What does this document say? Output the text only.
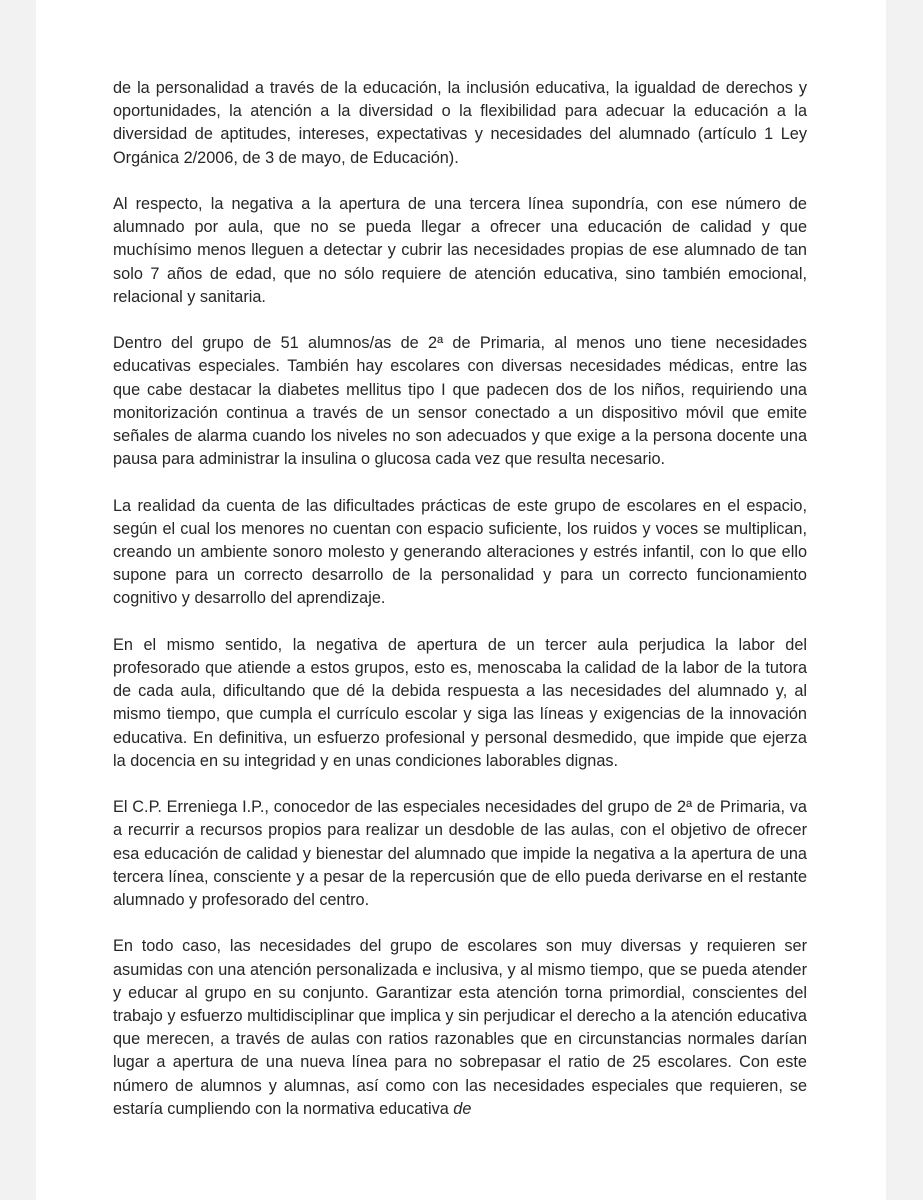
de la personalidad a través de la educación, la inclusión educativa, la igualdad de derechos y oportunidades, la atención a la diversidad o la flexibilidad para adecuar la educación a la diversidad de aptitudes, intereses, expectativas y necesidades del alumnado (artículo 1 Ley Orgánica 2/2006, de 3 de mayo, de Educación).

Al respecto, la negativa a la apertura de una tercera línea supondría, con ese número de alumnado por aula, que no se pueda llegar a ofrecer una educación de calidad y que muchísimo menos lleguen a detectar y cubrir las necesidades propias de ese alumnado de tan solo 7 años de edad, que no sólo requiere de atención educativa, sino también emocional, relacional y sanitaria.

Dentro del grupo de 51 alumnos/as de 2ª de Primaria, al menos uno tiene necesidades educativas especiales. También hay escolares con diversas necesidades médicas, entre las que cabe destacar la diabetes mellitus tipo I que padecen dos de los niños, requiriendo una monitorización continua a través de un sensor conectado a un dispositivo móvil que emite señales de alarma cuando los niveles no son adecuados y que exige a la persona docente una pausa para administrar la insulina o glucosa cada vez que resulta necesario.

La realidad da cuenta de las dificultades prácticas de este grupo de escolares en el espacio, según el cual los menores no cuentan con espacio suficiente, los ruidos y voces se multiplican, creando un ambiente sonoro molesto y generando alteraciones y estrés infantil, con lo que ello supone para un correcto desarrollo de la personalidad y para un correcto funcionamiento cognitivo y desarrollo del aprendizaje.

En el mismo sentido, la negativa de apertura de un tercer aula perjudica la labor del profesorado que atiende a estos grupos, esto es, menoscaba la calidad de la labor de la tutora de cada aula, dificultando que dé la debida respuesta a las necesidades del alumnado y, al mismo tiempo, que cumpla el currículo escolar y siga las líneas y exigencias de la innovación educativa. En definitiva, un esfuerzo profesional y personal desmedido, que impide que ejerza la docencia en su integridad y en unas condiciones laborables dignas.

El C.P. Erreniega I.P., conocedor de las especiales necesidades del grupo de 2ª de Primaria, va a recurrir a recursos propios para realizar un desdoble de las aulas, con el objetivo de ofrecer esa educación de calidad y bienestar del alumnado que impide la negativa a la apertura de una tercera línea, consciente y a pesar de la repercusión que de ello pueda derivarse en el restante alumnado y profesorado del centro.

En todo caso, las necesidades del grupo de escolares son muy diversas y requieren ser asumidas con una atención personalizada e inclusiva, y al mismo tiempo, que se pueda atender y educar al grupo en su conjunto. Garantizar esta atención torna primordial, conscientes del trabajo y esfuerzo multidisciplinar que implica y sin perjudicar el derecho a la atención educativa que merecen, a través de aulas con ratios razonables que en circunstancias normales darían lugar a apertura de una nueva línea para no sobrepasar el ratio de 25 escolares. Con este número de alumnos y alumnas, así como con las necesidades especiales que requieren, se estaría cumpliendo con la normativa educativa de
